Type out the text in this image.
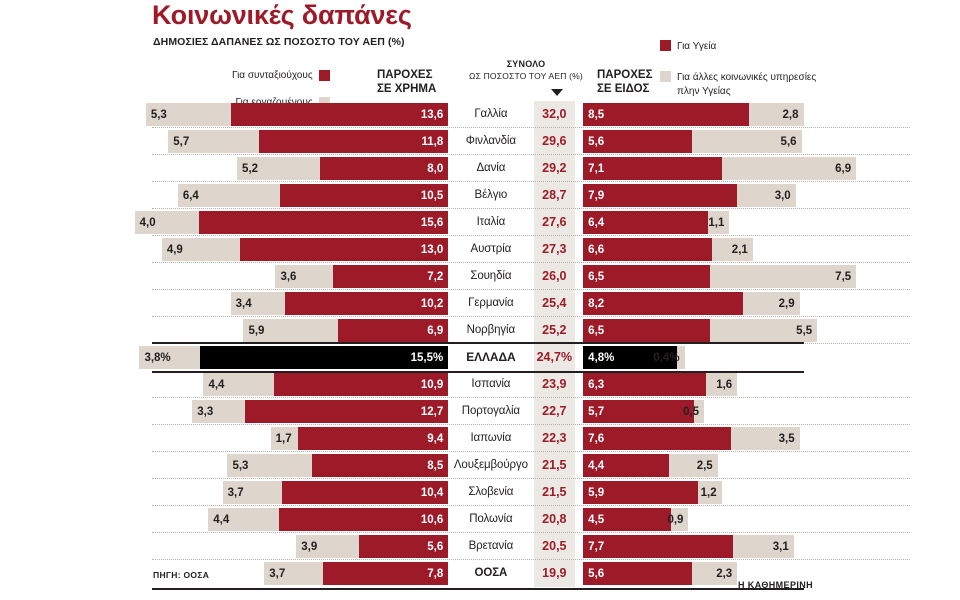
Κοινωνικές δαπάνες
ΔΗΜΟΣΙΕΣ ΔΑΠΑΝΕΣ ΩΣ ΠΟΣΟΣΤΟ ΤΟΥ ΑΕΠ (%)
Για συνταξιούχους	ΠΑΡΟΧΕΣ
ΣΕ ΧΡΗΜΑ
ΣΥΝΟΛΟ
ΩΣ ΠΟΣΟΣΤΟ ΤΟΥ ΑΕΠ (%)	ΠΑΡΟΧΕΣ
ΣΕ ΕΙΔΟΣ
Για Υγεία
Για άλλες κοινωνικές υπηρεσίες πλην Υγείας
5,3	13,6	Γαλλία	32,0	8,5	2,8
5,7	11,8	Φινλανδία	29,6	5,6	5,6
5,2	8,0	Δανία	29,2	7,1	6,9
6,4	10,5	Βέλγιο	28,7	7,9	3,0
4,0	15,6	Ιταλία	27,6	6,4	1,1
4,9	13,0	Αυστρία	27,3	6,6	2,1
3,6	7,2	Σουηδία	26,0	6,5	7,5
3,4	10,2	Γερμανία	25,4	8,2	2,9
5,9	6,9	Νορβηγία	25,2	6,5	5,5
3,8%	15,5%	ΕΛΛΑΔΑ	24,7%	4,8%	0,4%
4,4	10,9	Ισπανία	23,9	6,3	1,6
3,3	12,7	Πορτογαλία	22,7	5,7	0,5
1,7	9,4	Ιαπωνία	22,3	7,6	3,5
5,3	8,5 Λουξεμβούργο	21,5	4,4	2,5
3,7	10,4	Σλοβενία	21,5	5,9	1,2
4,4	10,6	Πολωνία	20,8	4,5	0,9
3,9	5,6	Βρετανία	20,5	7,7	3,1
3,7	7,8	ΟΟΣΑ	19,9	5,6	2,3
ΠΗΓΗ: ΟΟΣΑ
Η ΚΑΘΗΜΕΡΙΝΗ
